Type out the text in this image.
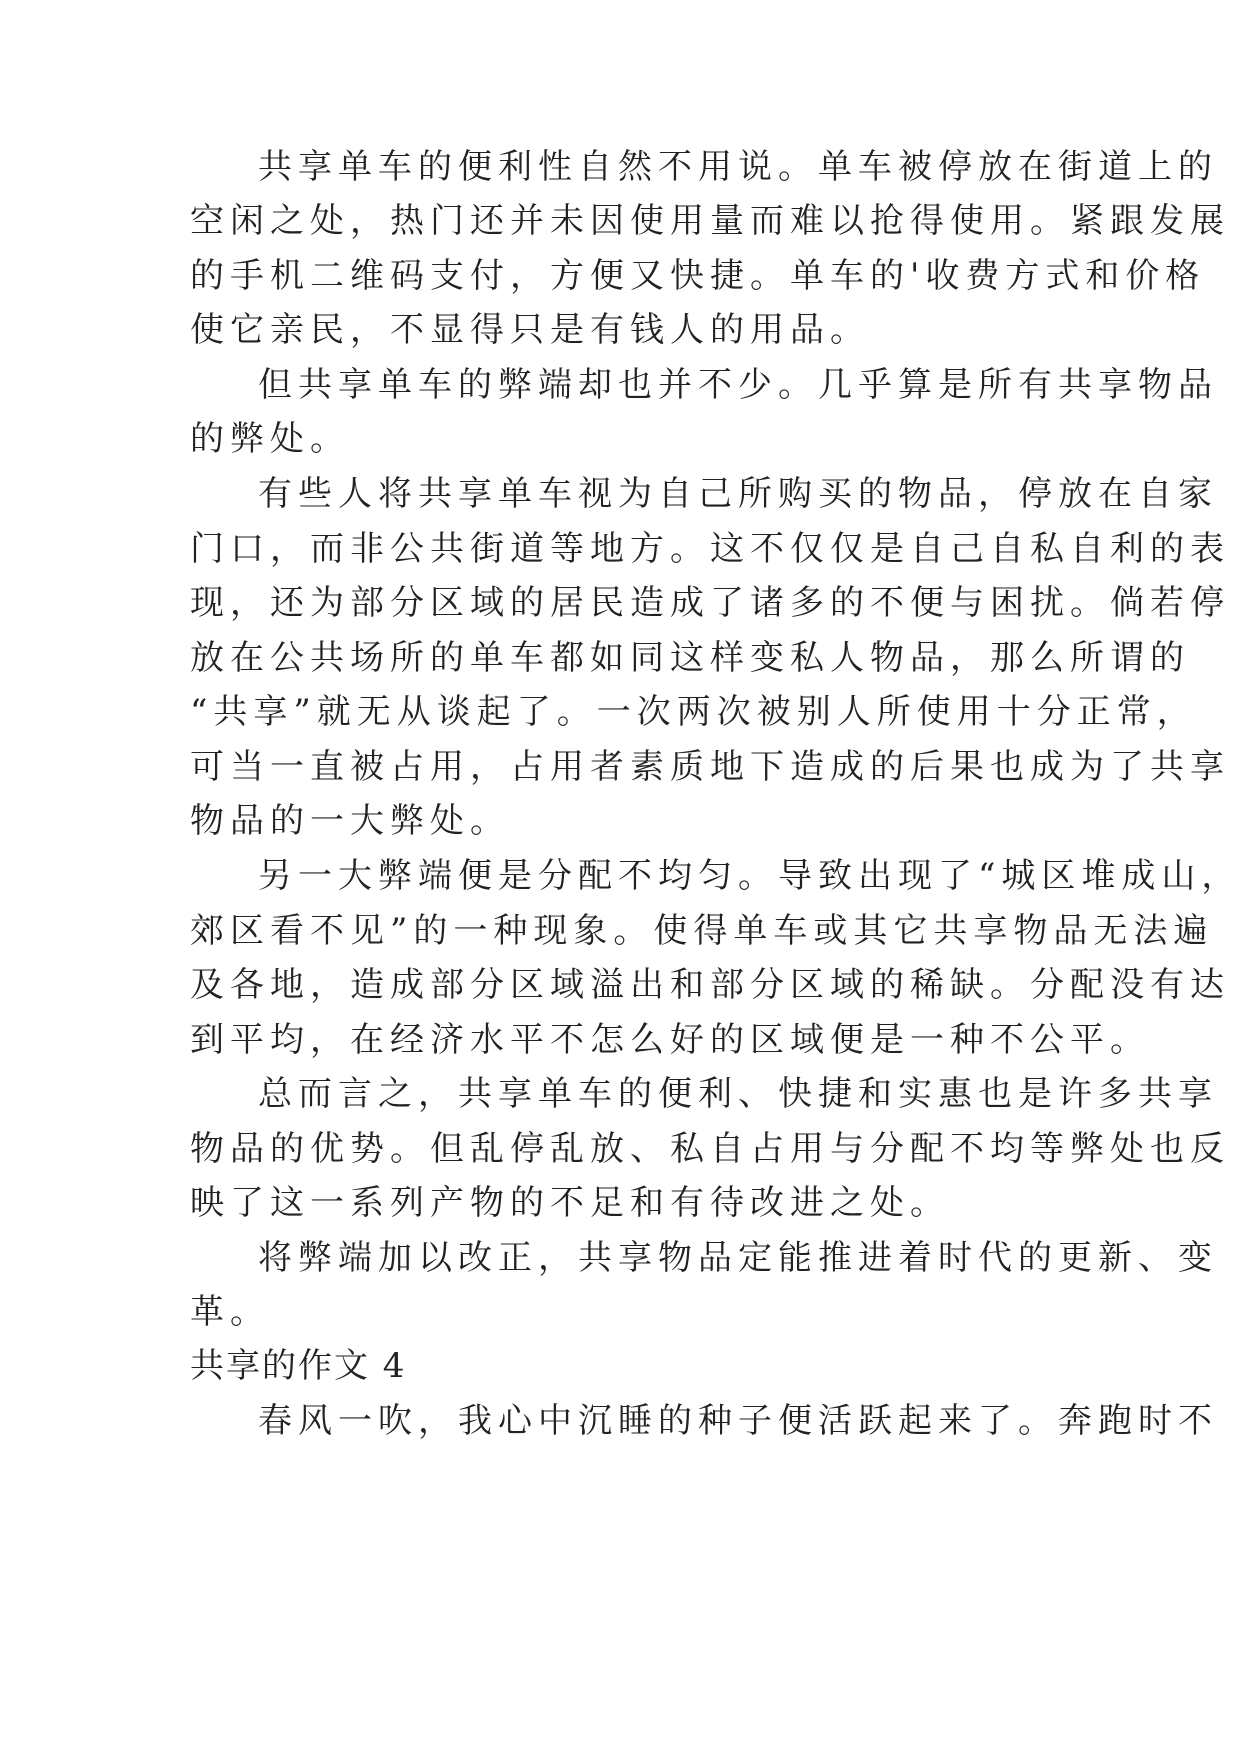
共享单车的便利性自然不用说。单车被停放在街道上的
空闲之处，热门还并未因使用量而难以抢得使用。紧跟发展
的手机二维码支付，方便又快捷。单车的'收费方式和价格
使它亲民，不显得只是有钱人的用品。
但共享单车的弊端却也并不少。几乎算是所有共享物品
的弊处。
有些人将共享单车视为自己所购买的物品，停放在自家
门口，而非公共街道等地方。这不仅仅是自己自私自利的表
现，还为部分区域的居民造成了诸多的不便与困扰。倘若停
放在公共场所的单车都如同这样变私人物品，那么所谓的
“共享”就无从谈起了。一次两次被别人所使用十分正常，
可当一直被占用，占用者素质地下造成的后果也成为了共享
物品的一大弊处。
另一大弊端便是分配不均匀。导致出现了“城区堆成山，
郊区看不见”的一种现象。使得单车或其它共享物品无法遍
及各地，造成部分区域溢出和部分区域的稀缺。分配没有达
到平均，在经济水平不怎么好的区域便是一种不公平。
总而言之，共享单车的便利、快捷和实惠也是许多共享
物品的优势。但乱停乱放、私自占用与分配不均等弊处也反
映了这一系列产物的不足和有待改进之处。
将弊端加以改正，共享物品定能推进着时代的更新、变
革。
共享的作文 4
春风一吹，我心中沉睡的种子便活跃起来了。奔跑时不
